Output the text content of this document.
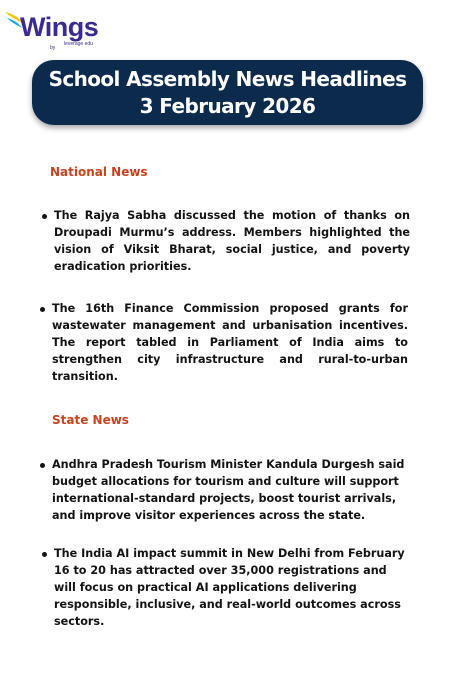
Wings
by
leverage edu
School Assembly News Headlines
3 February 2026
National News
The Rajya Sabha discussed the motion of thanks on Droupadi Murmu’s address. Members highlighted the vision of Viksit Bharat, social justice, and poverty eradication priorities.
The 16th Finance Commission proposed grants for wastewater management and urbanisation incentives. The report tabled in Parliament of India aims to strengthen city infrastructure and rural-to-urban transition.
State News
Andhra Pradesh Tourism Minister Kandula Durgesh said budget allocations for tourism and culture will support international-standard projects, boost tourist arrivals, and improve visitor experiences across the state.
The India AI impact summit in New Delhi from February 16 to 20 has attracted over 35,000 registrations and will focus on practical AI applications delivering responsible, inclusive, and real-world outcomes across sectors.
